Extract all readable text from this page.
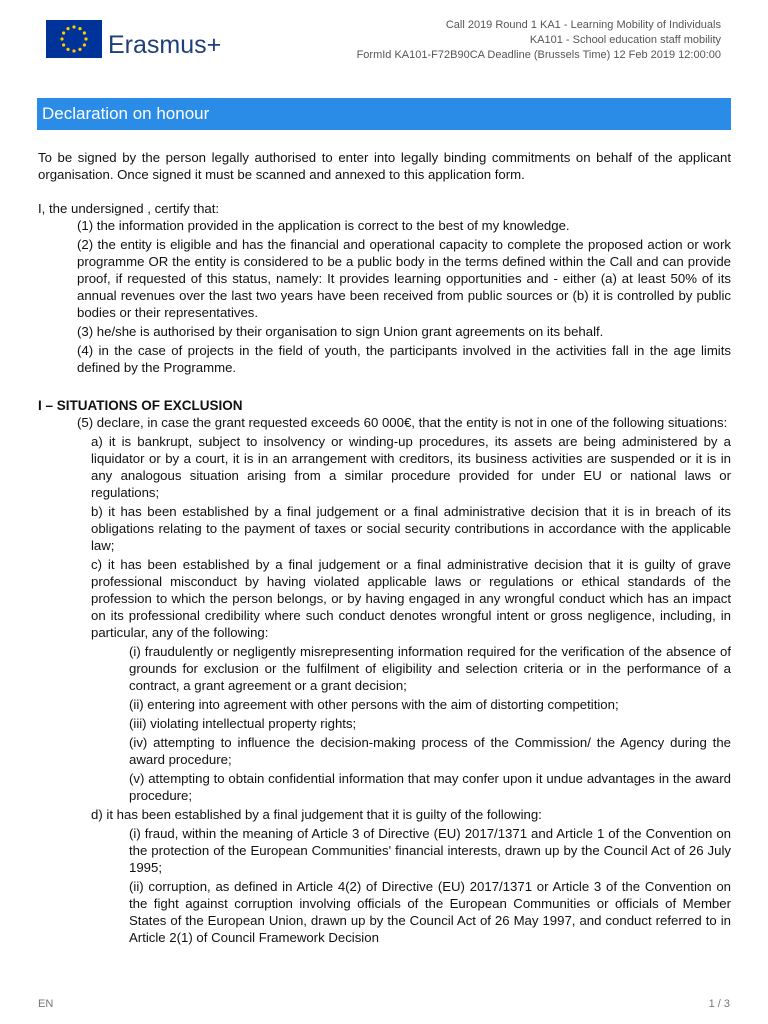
Erasmus+
Call 2019 Round 1 KA1 - Learning Mobility of Individuals
KA101 - School education staff mobility
FormId KA101-F72B90CA Deadline (Brussels Time) 12 Feb 2019 12:00:00
Declaration on honour

To be signed by the person legally authorised to enter into legally binding commitments on behalf of the applicant organisation. Once signed it must be scanned and annexed to this application form.

I, the undersigned , certify that:

(1) the information provided in the application is correct to the best of my knowledge.

(2) the entity is eligible and has the financial and operational capacity to complete the proposed action or work programme OR the entity is considered to be a public body in the terms defined within the Call and can provide proof, if requested of this status, namely: It provides learning opportunities and - either (a) at least 50% of its annual revenues over the last two years have been received from public sources or (b) it is controlled by public bodies or their representatives.

(3) he/she is authorised by their organisation to sign Union grant agreements on its behalf.

(4) in the case of projects in the field of youth, the participants involved in the activities fall in the age limits defined by the Programme.

I – SITUATIONS OF EXCLUSION

(5) declare, in case the grant requested exceeds 60 000€, that the entity is not in one of the following situations:

a) it is bankrupt, subject to insolvency or winding-up procedures, its assets are being administered by a liquidator or by a court, it is in an arrangement with creditors, its business activities are suspended or it is in any analogous situation arising from a similar procedure provided for under EU or national laws or regulations;

b) it has been established by a final judgement or a final administrative decision that it is in breach of its obligations relating to the payment of taxes or social security contributions in accordance with the applicable law;

c) it has been established by a final judgement or a final administrative decision that it is guilty of grave professional misconduct by having violated applicable laws or regulations or ethical standards of the profession to which the person belongs, or by having engaged in any wrongful conduct which has an impact on its professional credibility where such conduct denotes wrongful intent or gross negligence, including, in particular, any of the following:

(i) fraudulently or negligently misrepresenting information required for the verification of the absence of grounds for exclusion or the fulfilment of eligibility and selection criteria or in the performance of a contract, a grant agreement or a grant decision;

(ii) entering into agreement with other persons with the aim of distorting competition;

(iii) violating intellectual property rights;

(iv) attempting to influence the decision-making process of the Commission/ the Agency during the award procedure;

(v) attempting to obtain confidential information that may confer upon it undue advantages in the award procedure;

d) it has been established by a final judgement that it is guilty of the following:

(i) fraud, within the meaning of Article 3 of Directive (EU) 2017/1371 and Article 1 of the Convention on the protection of the European Communities' financial interests, drawn up by the Council Act of 26 July 1995;

(ii) corruption, as defined in Article 4(2) of Directive (EU) 2017/1371 or Article 3 of the Convention on the fight against corruption involving officials of the European Communities or officials of Member States of the European Union, drawn up by the Council Act of 26 May 1997, and conduct referred to in Article 2(1) of Council Framework Decision

EN	1 / 3
